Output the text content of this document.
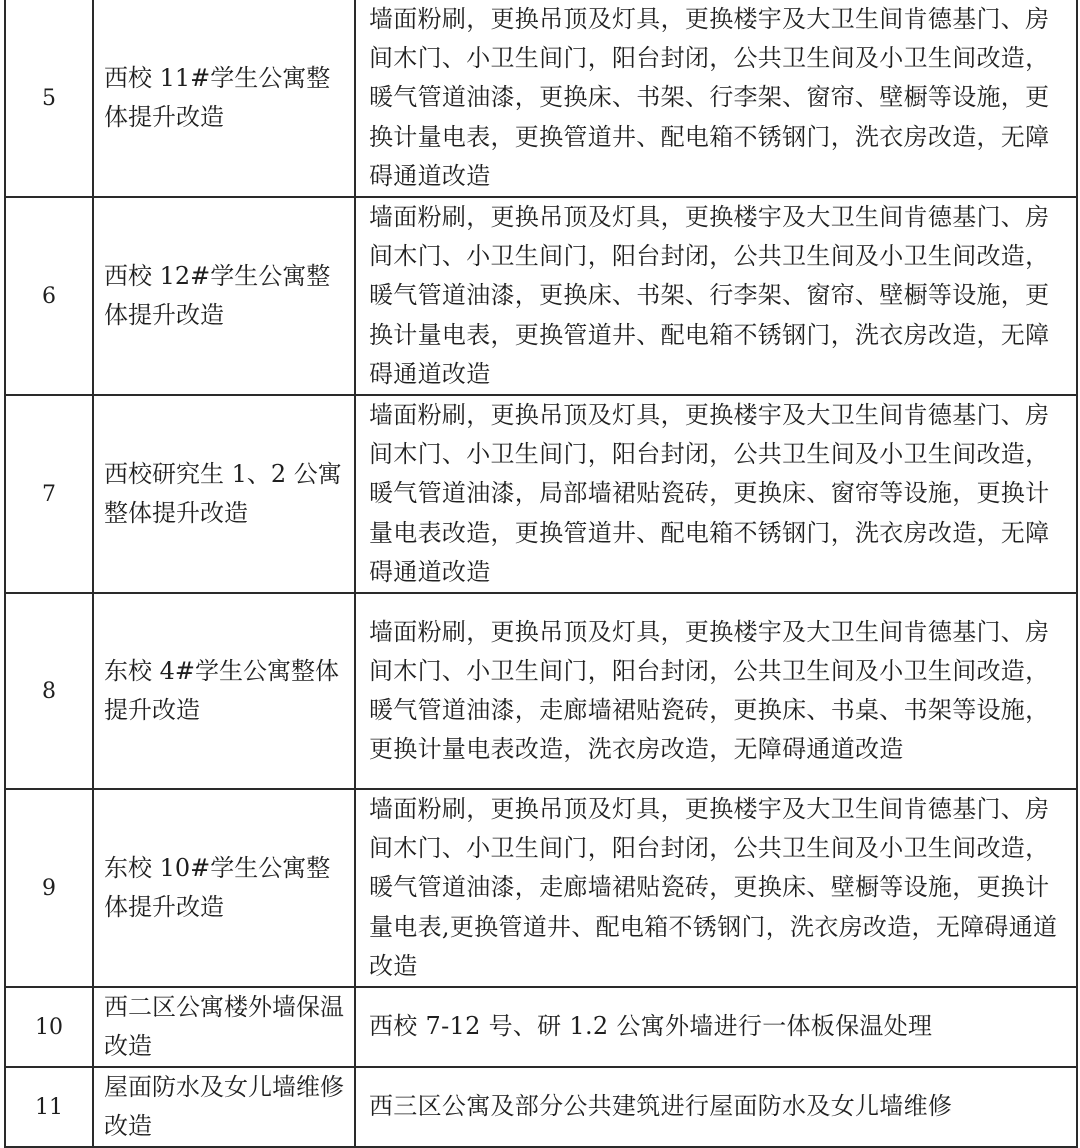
5	西校 11#学生公寓整体提升改造	墙面粉刷，更换吊顶及灯具，更换楼宇及大卫生间肯德基门、房间木门、小卫生间门，阳台封闭，公共卫生间及小卫生间改造，暖气管道油漆，更换床、书架、行李架、窗帘、壁橱等设施，更换计量电表，更换管道井、配电箱不锈钢门，洗衣房改造，无障碍通道改造
6	西校 12#学生公寓整体提升改造	墙面粉刷，更换吊顶及灯具，更换楼宇及大卫生间肯德基门、房间木门、小卫生间门，阳台封闭，公共卫生间及小卫生间改造，暖气管道油漆，更换床、书架、行李架、窗帘、壁橱等设施，更换计量电表，更换管道井、配电箱不锈钢门，洗衣房改造，无障碍通道改造
7	西校研究生 1、2 公寓整体提升改造	墙面粉刷，更换吊顶及灯具，更换楼宇及大卫生间肯德基门、房间木门、小卫生间门，阳台封闭，公共卫生间及小卫生间改造，暖气管道油漆，局部墙裙贴瓷砖，更换床、窗帘等设施，更换计量电表改造，更换管道井、配电箱不锈钢门，洗衣房改造，无障碍通道改造
8	东校 4#学生公寓整体提升改造	墙面粉刷，更换吊顶及灯具，更换楼宇及大卫生间肯德基门、房间木门、小卫生间门，阳台封闭，公共卫生间及小卫生间改造，暖气管道油漆，走廊墙裙贴瓷砖，更换床、书桌、书架等设施，更换计量电表改造，洗衣房改造，无障碍通道改造
9	东校 10#学生公寓整体提升改造	墙面粉刷，更换吊顶及灯具，更换楼宇及大卫生间肯德基门、房间木门、小卫生间门，阳台封闭，公共卫生间及小卫生间改造，暖气管道油漆，走廊墙裙贴瓷砖，更换床、壁橱等设施，更换计量电表,更换管道井、配电箱不锈钢门，洗衣房改造，无障碍通道改造
10	西二区公寓楼外墙保温改造	西校 7-12 号、研 1.2 公寓外墙进行一体板保温处理
11	屋面防水及女儿墙维修改造	西三区公寓及部分公共建筑进行屋面防水及女儿墙维修
